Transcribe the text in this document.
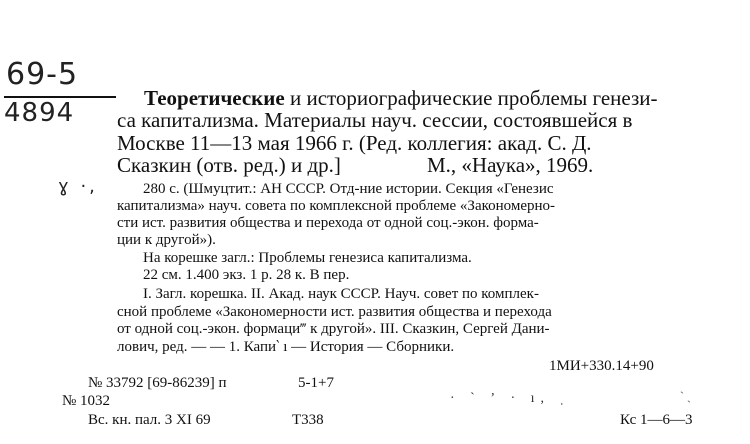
69-5
4894	Теоретические и историографические проблемы генези-
са капитализма. Материалы науч. сессии, состоявшейся в
Москве 11—13 мая 1966 г. (Ред. коллегия: акад. С. Д.
Сказкин (отв. ред.) и др.]	М., «Наука», 1969.
ɣ ·,	280 с. (Шмуцтит.: АН СССР. Отд-ние истории. Секция «Генезис
капитализма» науч. совета по комплексной проблеме «Закономерно-
сти ист. развития общества и перехода от одной соц.-экон. форма-
ции к другой»).
На корешке загл.: Проблемы генезиса капитализма.
22 см. 1.400 экз. 1 р. 28 к. В пер.
I. Загл. корешка. II. Акад. наук СССР. Науч. совет по комплек-
сной проблеме «Закономерности ист. развития общества и перехода
от одной соц.-экон. формаци‴ к другой». III. Сказкин, Сергей Дани-
лович, ред. — — 1. Капи‵ ı — История — Сборники.
1МИ+330.14+90
№ 33792 [69-86239] п	5-1+7
№ 1032
Вс. кн. пал. 3 XI 69	Т338	Кс 1—6—3
· ` ʼ · ı, ˌ	ˋ ˏ
